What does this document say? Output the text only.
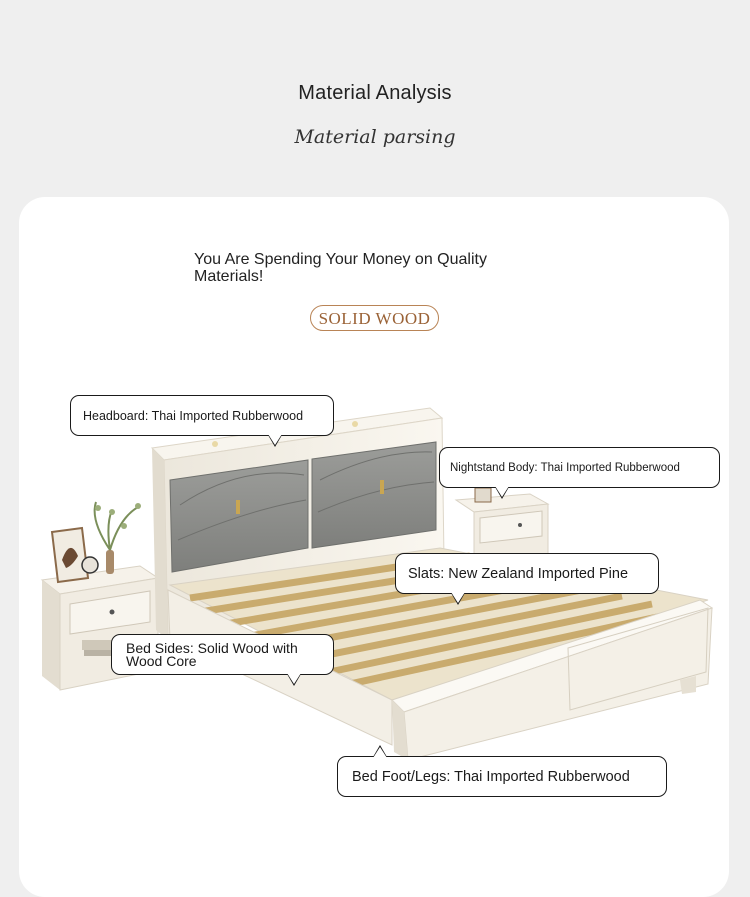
Material Analysis
Material parsing
You Are Spending Your Money on Quality Materials!
SOLID WOOD
Headboard: Thai Imported Rubberwood
Nightstand Body: Thai Imported Rubberwood
Slats: New Zealand Imported Pine
Bed Sides: Solid Wood with Wood Core
Bed Foot/Legs: Thai Imported Rubberwood
